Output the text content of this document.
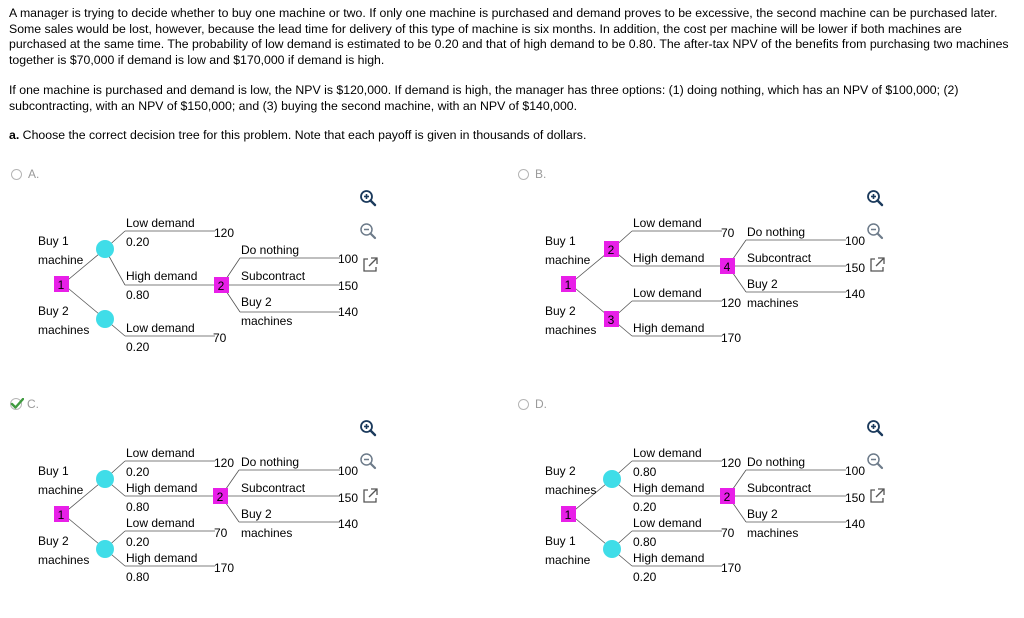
A manager is trying to decide whether to buy one machine or two. If only one machine is purchased and demand proves to be excessive, the second machine can be purchased later. Some sales would be lost, however, because the lead time for delivery of this type of machine is six months. In addition, the cost per machine will be lower if both machines are purchased at the same time. The probability of low demand is estimated to be 0.20 and that of high demand to be 0.80. The after-tax NPV of the benefits from purchasing two machines together is $70,000 if demand is low and $170,000 if demand is high.
If one machine is purchased and demand is low, the NPV is $120,000. If demand is high, the manager has three options: (1) doing nothing, which has an NPV of $100,000; (2) subcontracting, with an NPV of $150,000; and (3) buying the second machine, with an NPV of $140,000.
a. Choose the correct decision tree for this problem. Note that each payoff is given in thousands of dollars.
A.	B.
C.	D.
1	2
Buy 1
machine
Buy 2
machines
Low demand
0.20
High demand
0.80
Low demand
0.20
120
70
Do nothing
Subcontract
Buy 2
machines
100
150
140
1
2
3
4
Buy 1
machine
Buy 2
machines
Low demand
High demand
Low demand
High demand
70
120
170
Do nothing
Subcontract
Buy 2
machines
100
150
140
1
2
Buy 1
machine
Buy 2
machines
Low demand
0.20
High demand
0.80
Low demand
0.20
High demand
0.80
120
70
170
Do nothing
Subcontract
Buy 2
machines
100
150
140
1
2
Buy 2
machines
Buy 1
machine
Low demand
0.80
High demand
0.20
Low demand
0.80
High demand
0.20
120
70
170
Do nothing
Subcontract
Buy 2
machines
100
150
140
